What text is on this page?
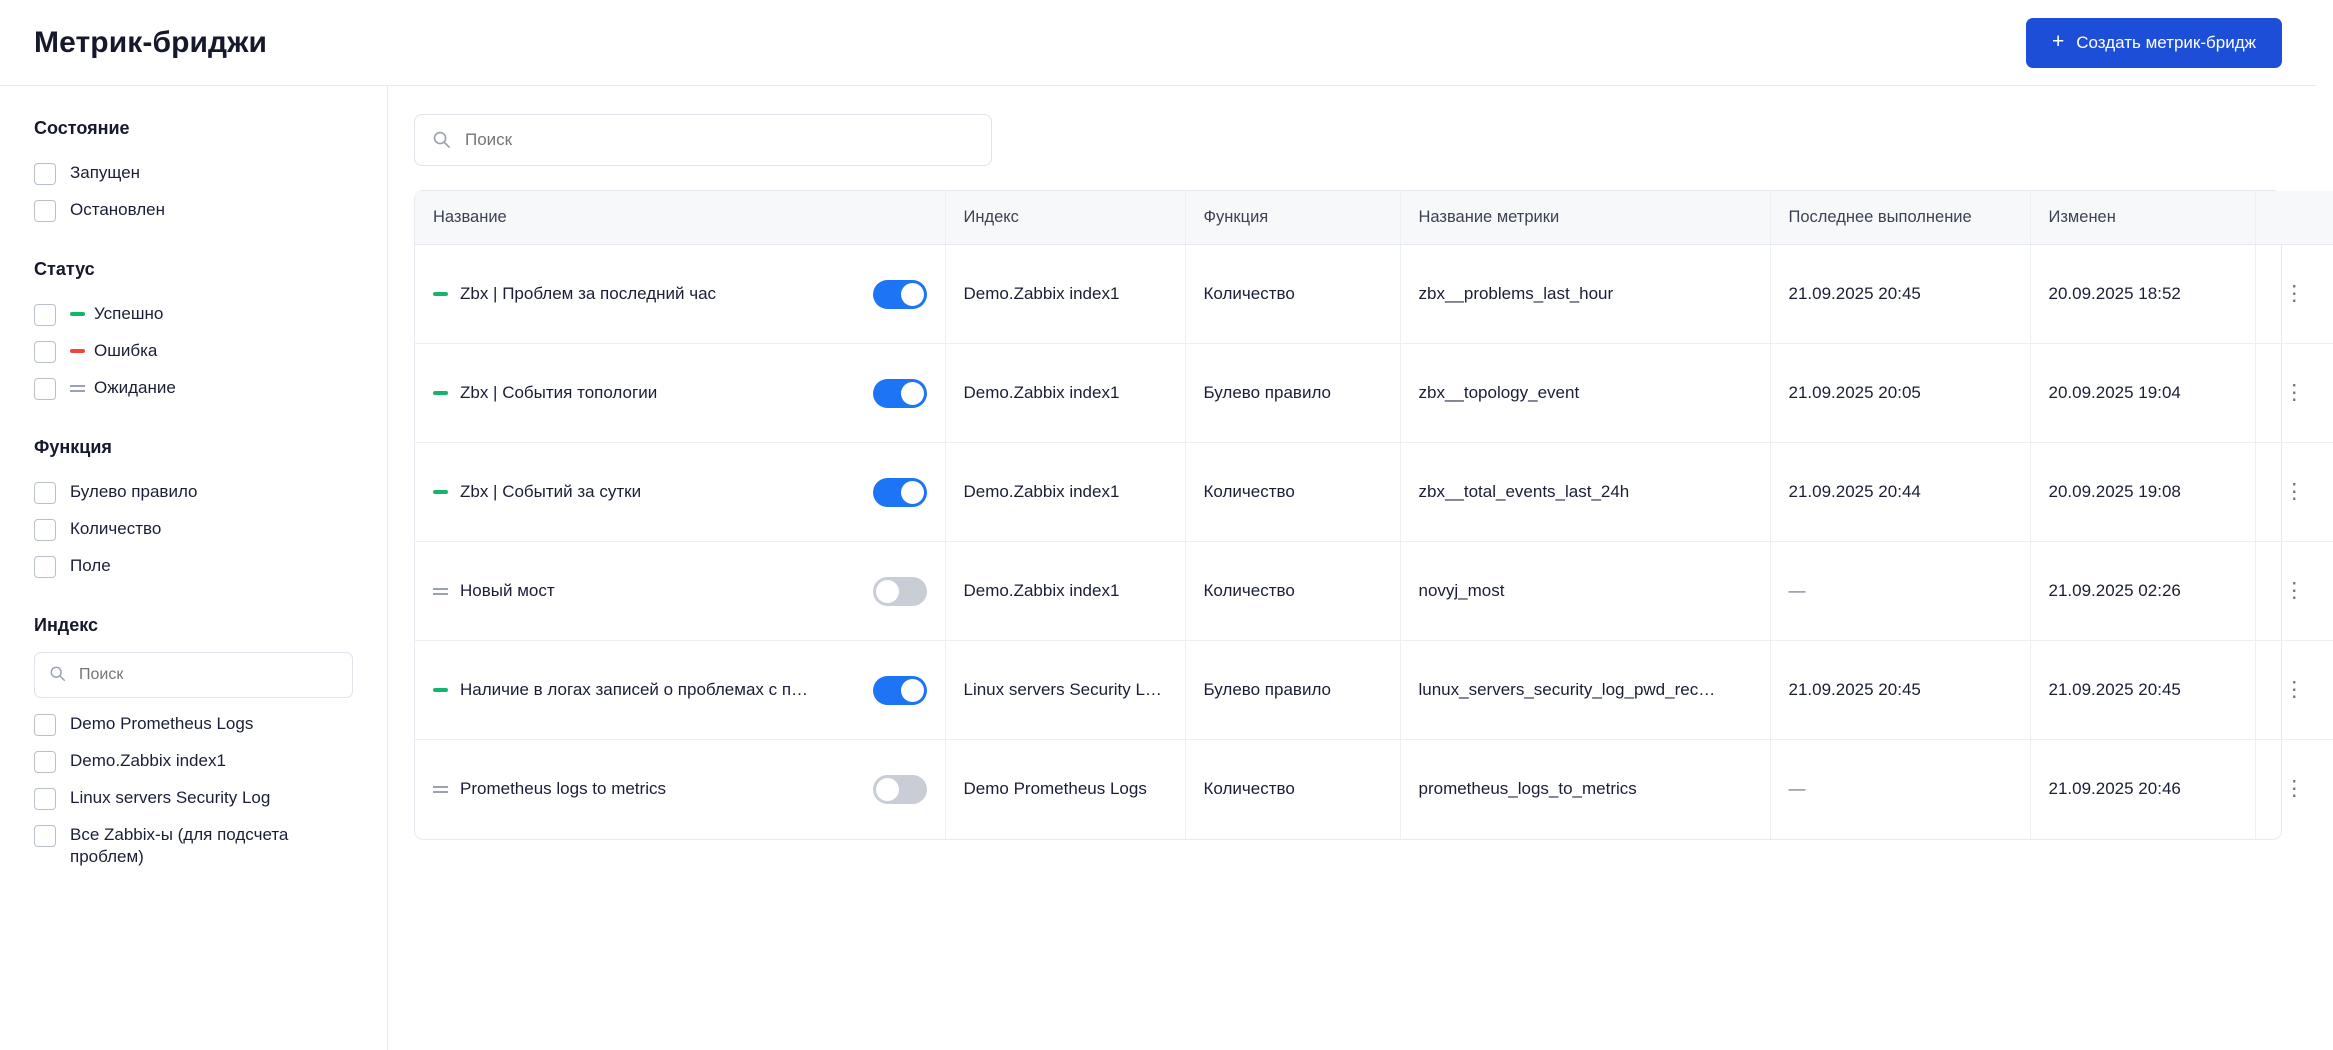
Метрик-бриджи	+ Создать метрик-бридж
Состояние
Запущен
Остановлен
Статус
Успешно
Ошибка
Ожидание
Функция
Булево правило
Количество
Поле
Индекс
Поиск
Demo Prometheus Logs
Demo.Zabbix index1
Linux servers Security Log
Все Zabbix-ы (для подсчета проблем)
Поиск
Название	Индекс	Функция	Название метрики	Последнее выполнение	Изменен	

Zbx | Проблем за последний час	Demo.Zabbix index1	Количество	zbx__problems_last_hour	21.09.2025 20:45	20.09.2025 18:52	⋮

Zbx | События топологии	Demo.Zabbix index1	Булево правило	zbx__topology_event	21.09.2025 20:05	20.09.2025 19:04	⋮

Zbx | Событий за сутки	Demo.Zabbix index1	Количество	zbx__total_events_last_24h	21.09.2025 20:44	20.09.2025 19:08	⋮

Новый мост	Demo.Zabbix index1	Количество	novyj_most	—	21.09.2025 02:26	⋮

Наличие в логах записей о проблемах с п…	Linux servers Security L…	Булево правило	lunux_servers_security_log_pwd_rec…	21.09.2025 20:45	21.09.2025 20:45	⋮

Prometheus logs to metrics	Demo Prometheus Logs	Количество	prometheus_logs_to_metrics	—	21.09.2025 20:46	⋮
